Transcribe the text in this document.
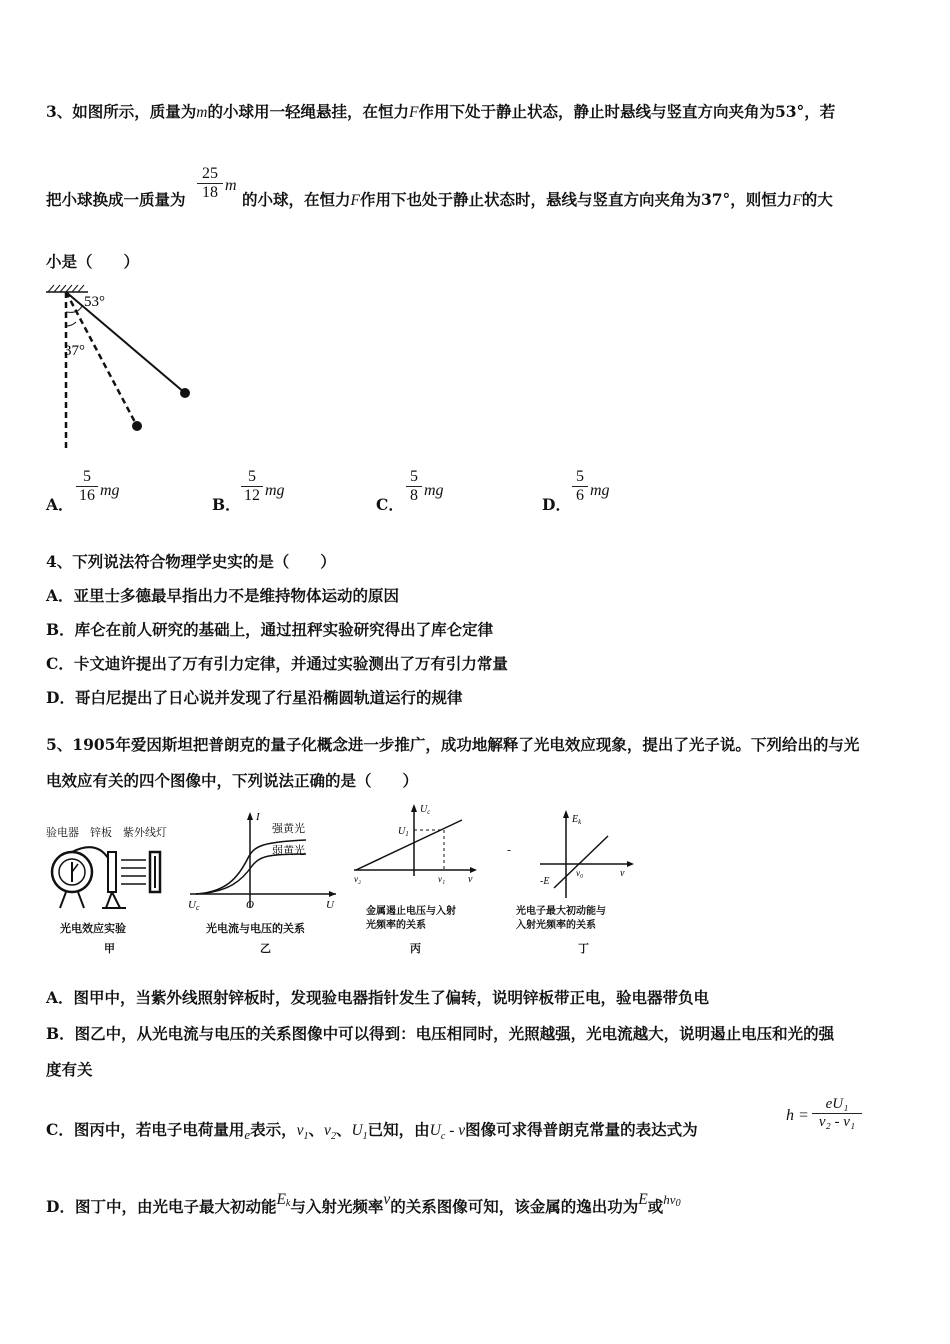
3、如图所示，质量为m的小球用一轻绳悬挂，在恒力F作用下处于静止状态，静止时悬线与竖直方向夹角为53°，若
把小球换成一质量为 $\frac{25}{18}$ m
的小球，在恒力F作用下也处于静止状态时，悬线与竖直方向夹角为37°，则恒力F的大
小是（　　）
53°
37°
A． $\frac{5}{16}$ mg
B． $\frac{5}{12}$ mg
C． $\frac{5}{8}$ mg
D． $\frac{5}{6}$ mg
4、下列说法符合物理学史实的是（　　）
A．亚里士多德最早指出力不是维持物体运动的原因
B．库仑在前人研究的基础上，通过扭秤实验研究得出了库仑定律
C．卡文迪许提出了万有引力定律，并通过实验测出了万有引力常量
D．哥白尼提出了日心说并发现了行星沿椭圆轨道运行的规律
5、1905年爱因斯坦把普朗克的量子化概念进一步推广，成功地解释了光电效应现象，提出了光子说。下列给出的与光
电效应有关的四个图像中，下列说法正确的是（　　）
验电器　锌板　紫外线灯
光电效应实验
甲
I
强黄光
弱黄光
Uc	O	U
光电流与电压的关系
乙
$U_c$
$U_1$
v₂	v₁ v
金属遏止电压与入射
光频率的关系
丙
-
$E_k$
-E
v₀	v
光电子最大初动能与
入射光频率的关系
丁
A．图甲中，当紫外线照射锌板时，发现验电器指针发生了偏转，说明锌板带正电，验电器带负电
B．图乙中，从光电流与电压的关系图像中可以得到：电压相同时，光照越强，光电流越大，说明遏止电压和光的强
度有关
C．图丙中，若电子电荷量用$_e$表示，$v_1$、$v_2$、$U_1$已知，由$U_c$ - v图像可求得普朗克常量的表达式为
$h = \frac{\text{eU₁}}{\text{v₂ - v₁}}$
D．图丁中，由光电子最大初动能$E_k$与入射光频率v的关系图像可知，该金属的逸出功为E或$^{hv}_0$
